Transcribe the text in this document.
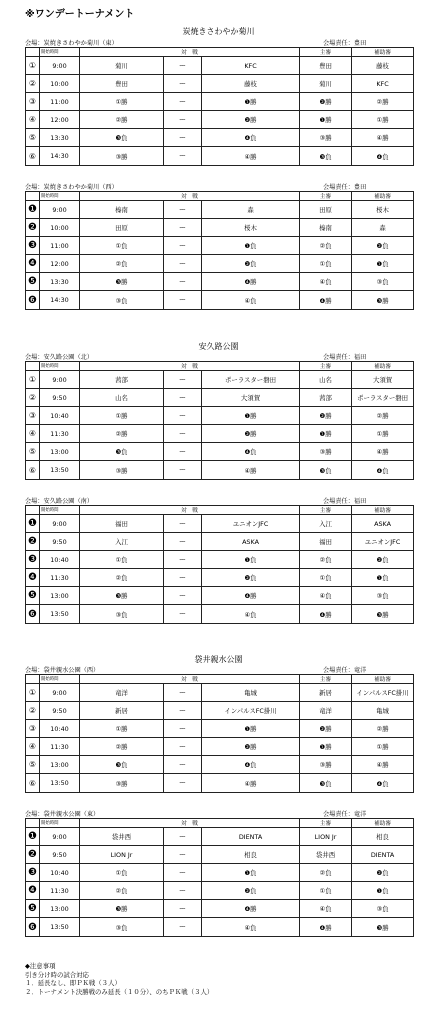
※ワンデートーナメント
炭焼きさわやか菊川
会場：炭焼きさわやか菊川（東）	会場責任：豊田
	開始時間	対　戦			主審	補助審
①	9:00	菊川	ー	KFC	豊田	藤枝
②	10:00	豊田	ー	藤枝	菊川	KFC
③	11:00	①勝	ー	❶勝	❷勝	②勝
④	12:00	②勝	ー	❷勝	❶勝	①勝
⑤	13:30	❸負	ー	❹負	③勝	④勝
⑥	14:30	③勝	ー	④勝	❸負	❹負
会場：炭焼きさわやか菊川（西）	会場責任：豊田
	開始時間	対　戦			主審	補助審
❶	9:00	榛南	ー	森	田原	桜木
❷	10:00	田原	ー	桜木	榛南	森
❸	11:00	①負	ー	❶負	②負	❷負
❹	12:00	②負	ー	❷負	①負	❶負
❺	13:30	❸勝	ー	❹勝	④負	③負
❻	14:30	③負	ー	④負	❹勝	❸勝
安久路公園
会場：安久路公園（北）	会場責任：福田
	開始時間	対　戦			主審	補助審
①	9:00	茜部	ー	ポーラスター磐田	山名	大須賀
②	9:50	山名	ー	大須賀	茜部	ポーラスター磐田
③	10:40	①勝	ー	❶勝	❷勝	②勝
④	11:30	②勝	ー	❷勝	❶勝	①勝
⑤	13:00	❸負	ー	❹負	③勝	④勝
⑥	13:50	③勝	ー	④勝	❸負	❹負
会場：安久路公園（南）	会場責任：福田
	開始時間	対　戦			主審	補助審
❶	9:00	福田	ー	ユニオンJFC	入江	ASKA
❷	9:50	入江	ー	ASKA	福田	ユニオンJFC
❸	10:40	①負	ー	❶負	②負	❷負
❹	11:30	②負	ー	❷負	①負	❶負
❺	13:00	❸勝	ー	❹勝	④負	③負
❻	13:50	③負	ー	④負	❹勝	❸勝
袋井親水公園
会場：袋井親水公園（西）	会場責任：竜洋
	開始時間	対　戦			主審	補助審
①	9:00	竜洋	ー	亀城	新居	インパルスFC掛川
②	9:50	新居	ー	インパルスFC掛川	竜洋	亀城
③	10:40	①勝	ー	❶勝	❷勝	②勝
④	11:30	②勝	ー	❷勝	❶勝	①勝
⑤	13:00	❸負	ー	❹負	③勝	④勝
⑥	13:50	③勝	ー	④勝	❸負	❹負
会場：袋井親水公園（東）	会場責任：竜洋
	開始時間	対　戦			主審	補助審
❶	9:00	袋井西	ー	DIENTA	LION Jr	相良
❷	9:50	LION Jr	ー	相良	袋井西	DIENTA
❸	10:40	①負	ー	❶負	②負	❷負
❹	11:30	②負	ー	❷負	①負	❶負
❺	13:00	❸勝	ー	❹勝	④負	③負
❻	13:50	③負	ー	④負	❹勝	❸勝
◆注意事項
引き分け時の試合対応
１．延長なし、即ＰＫ戦（３人）
２．トーナメント決勝戦のみ延長（１０分）、のちＰＫ戦（３人）
